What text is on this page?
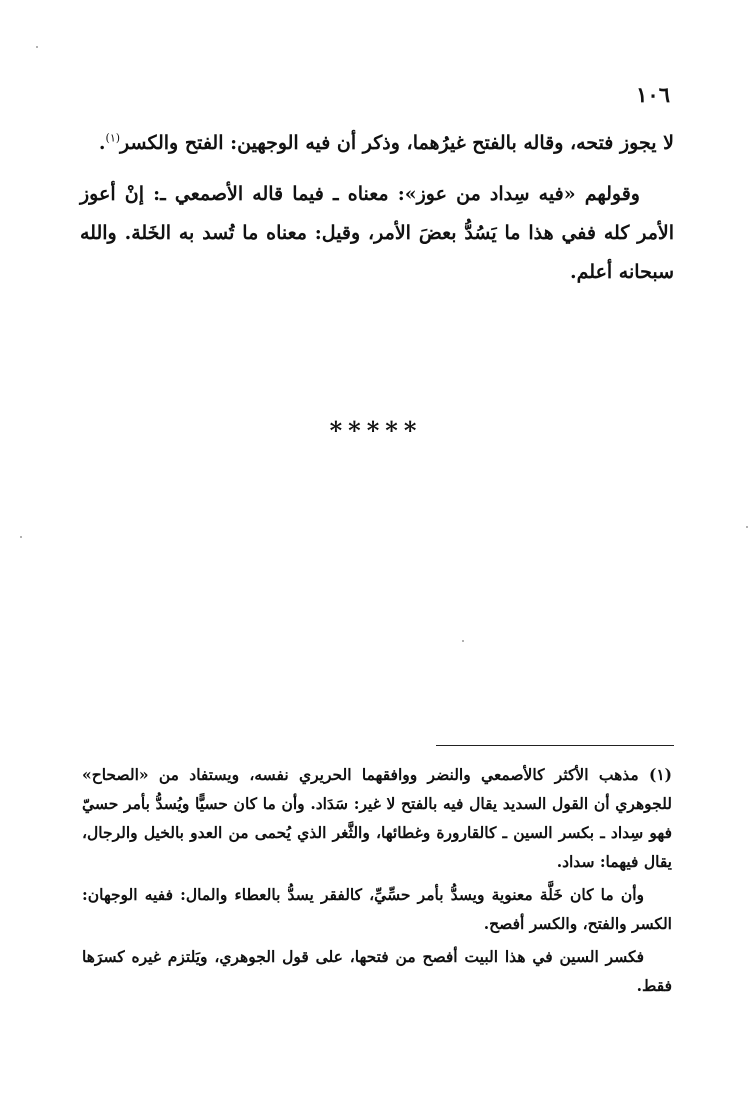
١٠٦

لا يجوز فتحه، وقاله بالفتح غيرُهما، وذكر أن فيه الوجهين: الفتح والكسر$^{(١)}$.

وقولهم «فيه سِداد من عوز»: معناه ـ فيما قاله الأصمعي ـ: إنْ أعوز الأمر كله ففي هذا ما يَسُدُّ بعضَ الأمر، وقيل: معناه ما تُسد به الخَلة. والله سبحانه أعلم.

*****

(١) مذهب الأكثر كالأصمعي والنضر ووافقهما الحريري نفسه، ويستفاد من «الصحاح» للجوهري أن القول السديد يقال فيه بالفتح لا غير: سَدَاد. وأن ما كان حسيًّا ويُسدُّ بأمر حسيّ فهو سِداد ـ بكسر السين ـ كالقارورة وغطائها، والثَّغر الذي يُحمى من العدو بالخيل والرجال، يقال فيهما: سداد.

وأن ما كان خَلَّة معنوية ويسدُّ بأمر حسِّيِّ، كالفقر يسدُّ بالعطاء والمال: ففيه الوجهان: الكسر والفتح، والكسر أفصح.

فكسر السين في هذا البيت أفصح من فتحها، على قول الجوهري، ويَلتزم غيره كسرَها فقط.
